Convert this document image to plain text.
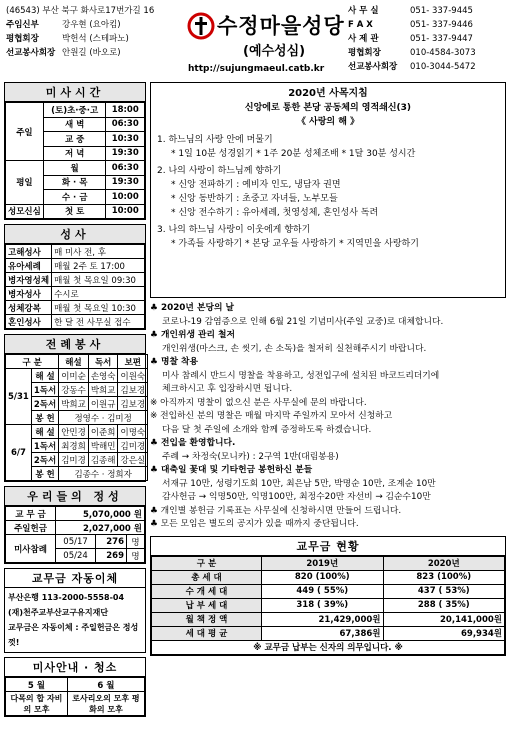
(46543) 부산 북구 화사로17번가길 16
주임신부	강우현 (요아킴)
평협회장	박헌석 (스테파노)
선교봉사회장 안원길 (바오로)
수정마을성당
(예수성심)
http://sujungmaeul.catb.kr
사 무 실	051- 337-9445
F A X	051- 337-9446
사 제 관	051- 337-9447
평협회장	010-4584-3073
선교봉사회장 010-3044-5472
미사시간
주일	(토)초·중·고	18:00
	새 벽	06:30
	교 중	10:30
	저 녁	19:30
평일	월	06:30
	화 · 목	19:30
	수 · 금	10:00
성모신심	첫 토	10:00
성사
고해성사	매 미사 전, 후
유아세례	매월 2주 토 17:00
병자영성체	매월 첫 목요일 09:30
병자성사	수시로
성체강복	매월 첫 목요일 10:30
혼인성사	한 달 전 사무실 접수
전례봉사
구 분		해설	독서	보편
5/31	해 설	이미순	손영숙	이원숙
	1독서	강동수	박희교	김보경
	2독서	박희교	이원규	김보경
	봉 헌	정영수 · 김미정		
6/7	해 설	안민경	이준희	이명숙
	1독서	최경희	박해민	김미경
	2독서	김미경	김종해	강은실
	봉 헌	김종수 · 정희자		
우리들의 정성
교 무 금	5,070,000 원		
주일헌금	2,027,000 원		
미사참례	05/17	276	명
	05/24	269	명
교무금 자동이체
부산은행 113-2000-5558-04
(재)천주교부산교구유지재단
교무금은 자동이체 : 주일헌금은 정성껏!
미사안내 · 청소
5 월	6 월
다목의 합 자비의 모후	로사리오의 모후 평화의 모후
2020년 사목지침
신앙에로 통한 본당 공동체의 영적쇄신(3)
《 사랑의 해 》
1. 하느님의 사랑 안에 머물기
* 1일 10분 성경읽기 * 1주 20분 성체조배 * 1달 30분 성시간
2. 나의 사랑이 하느님께 향하기
* 신앙 전파하기 : 예비자 인도, 냉담자 권면
* 신앙 동반하기 : 초중고 자녀들, 노부모들
* 신앙 전수하기 : 유아세례, 첫영성체, 혼인성사 독려
3. 나의 하느님 사랑이 이웃에게 향하기
* 가족들 사랑하기 * 본당 교우들 사랑하기 * 지역민을 사랑하기
♣ 2020년 본당의 날
코로나-19 감염증으로 인해 6월 21일 기념미사(주일 교중)로 대체합니다.
♣ 개인위생 관리 철저
개인위생(마스크, 손 씻기, 손 소독)을 철저히 실천해주시기 바랍니다.
♣ 명찰 착용
미사 참례시 반드시 명찰을 착용하고, 성전입구에 설치된 바코드리더기에
체크하시고 후 입장하시면 됩니다.
※ 아직까지 명찰이 없으신 분은 사무실에 문의 바랍니다.
※ 전입하신 분의 명찰은 매월 마지막 주일까지 모아서 신청하고
다음 달 첫 주일에 소개와 함께 증정하도록 하겠습니다.
♣ 전입을 환영합니다.
주례 → 차정숙(모니카) : 2구역 1반(대림봉용)
♣ 대축일 꽃대 및 기타헌금 봉헌하신 분들
서재규 10만, 성령기도회 10만, 최은남 5만, 박명순 10만, 조계순 10만
감사헌금 → 익명50만, 익명100만, 최정수20만 자선비 → 김순수10만
♣ 개인별 봉헌금 기록표는 사무실에 신청하시면 만들어 드립니다.
♣ 모든 모임은 별도의 공지가 있을 때까지 중단됩니다.
교무금 현황
구 분	2019년	2020년
총 세 대	820 (100%)	823 (100%)
수 개 세 대	449 ( 55%)	437 ( 53%)
납 부 세 대	318 ( 39%)	288 ( 35%)
월 책 정 액	21,429,000원	20,141,000원
세 대 평 균	67,386원	69,934원
※ 교무금 납부는 신자의 의무입니다. ※		
